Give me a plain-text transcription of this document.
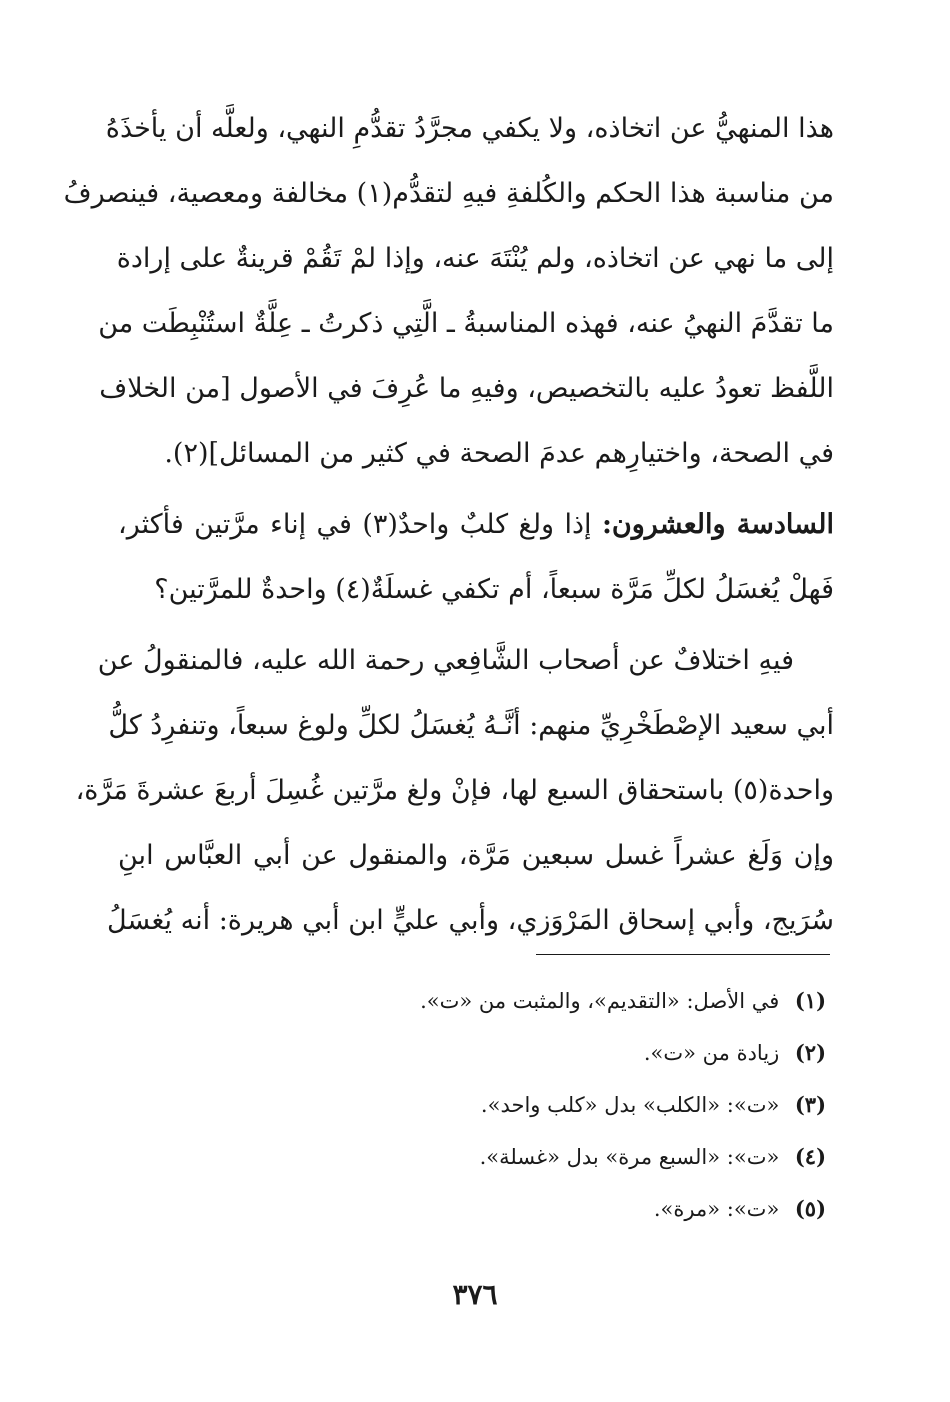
هذا المنهيُّ عن اتخاذه، ولا يكفي مجرَّدُ تقدُّمِ النهي، ولعلَّه أن يأخذَهُ
من مناسبة هذا الحكم والكُلفةِ فيهِ لتقدُّم(١) مخالفة ومعصية، فينصرفُ
إلى ما نهي عن اتخاذه، ولم يُنْتَهَ عنه، وإذا لمْ تَقُمْ قرينةٌ على إرادة
ما تقدَّمَ النهيُ عنه، فهذه المناسبةُ ـ الَّتِي ذكرتُ ـ عِلَّةٌ استُنْبِطَت من
اللَّفظ تعودُ عليه بالتخصيص، وفيهِ ما عُرِفَ في الأصول [من الخلاف
في الصحة، واختيارِهم عدمَ الصحة في كثير من المسائل](٢).
السادسة والعشرون: إذا ولغ كلبٌ واحدٌ(٣) في إناء مرَّتين فأكثر،
فَهلْ يُغسَلُ لكلِّ مَرَّة سبعاً، أم تكفي غسلَةٌ(٤) واحدةٌ للمرَّتين؟
فيهِ اختلافٌ عن أصحاب الشَّافِعي رحمة الله عليه، فالمنقولُ عن
أبي سعيد الإصْطَخْرِيِّ منهم: أنَّـهُ يُغسَلُ لكلِّ ولوغ سبعاً، وتنفرِدُ كلُّ
واحدة(٥) باستحقاق السبع لها، فإنْ ولغ مرَّتين غُسِلَ أربعَ عشرةَ مَرَّة،
وإن وَلَغ عشراً غسل سبعين مَرَّة، والمنقول عن أبي العبَّاس ابنِ
سُرَيج، وأبي إسحاق المَرْوَزي، وأبي عليٍّ ابن أبي هريرة: أنه يُغسَلُ
(١) في الأصل: «التقديم»، والمثبت من «ت».
(٢) زيادة من «ت».
(٣) «ت»: «الكلب» بدل «كلب واحد».
(٤) «ت»: «السبع مرة» بدل «غسلة».
(٥) «ت»: «مرة».
٣٧٦
